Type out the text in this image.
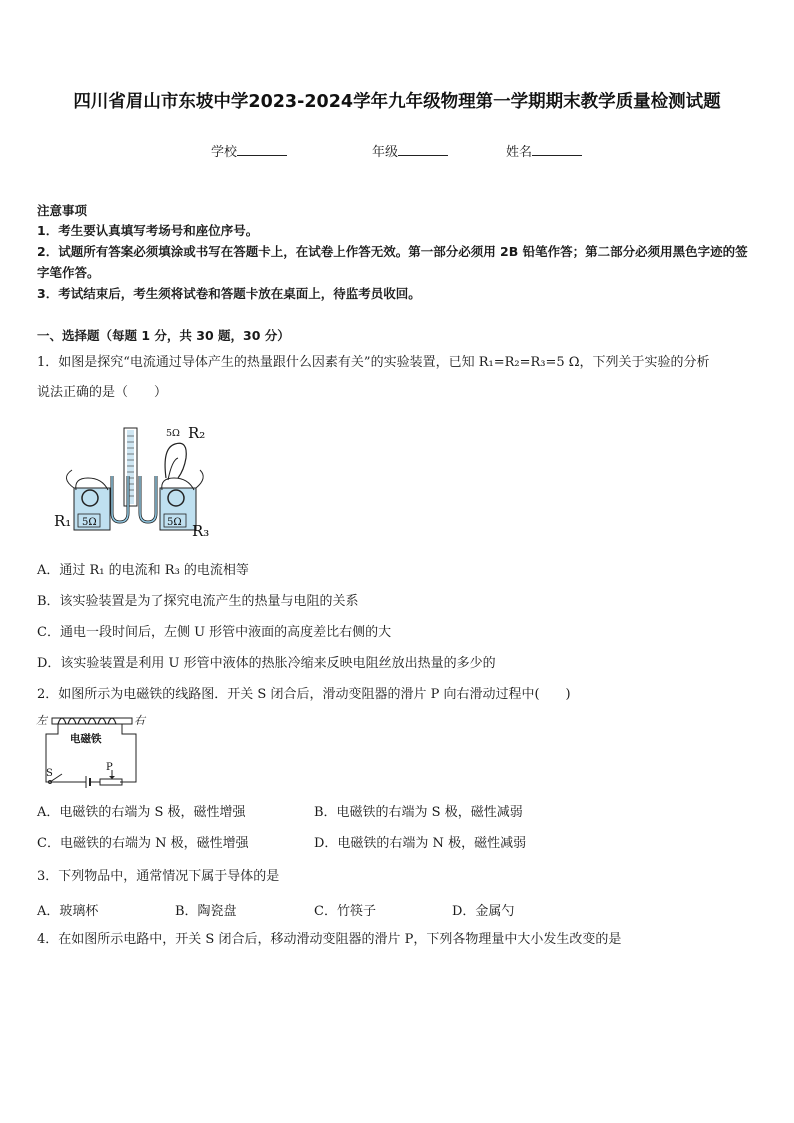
四川省眉山市东坡中学2023-2024学年九年级物理第一学期期末教学质量检测试题
学校	年级	姓名
注意事项
1．考生要认真填写考场号和座位序号。
2．试题所有答案必须填涂或书写在答题卡上，在试卷上作答无效。第一部分必须用 2B 铅笔作答；第二部分必须用黑色字迹的签字笔作答。
3．考试结束后，考生须将试卷和答题卡放在桌面上，待监考员收回。
一、选择题（每题 1 分，共 30 题，30 分）
1．如图是探究“电流通过导体产生的热量跟什么因素有关”的实验装置，已知 R₁=R₂=R₃=5 Ω，下列关于实验的分析
说法正确的是（　　）
5Ω	5Ω
5Ω R₂
R₁
R₃
A．通过 R₁ 的电流和 R₃ 的电流相等
B．该实验装置是为了探究电流产生的热量与电阻的关系
C．通电一段时间后，左侧 U 形管中液面的高度差比右侧的大
D．该实验装置是利用 U 形管中液体的热胀冷缩来反映电阻丝放出热量的多少的
2．如图所示为电磁铁的线路图．开关 S 闭合后，滑动变阻器的滑片 P 向右滑动过程中(　　)
左	右
电磁铁
S
P
A．电磁铁的右端为 S 极，磁性增强	B．电磁铁的右端为 S 极，磁性减弱
C．电磁铁的右端为 N 极，磁性增强	D．电磁铁的右端为 N 极，磁性减弱
3．下列物品中，通常情况下属于导体的是
A．玻璃杯	B．陶瓷盘	C．竹筷子	D．金属勺
4．在如图所示电路中，开关 S 闭合后，移动滑动变阻器的滑片 P，下列各物理量中大小发生改变的是
